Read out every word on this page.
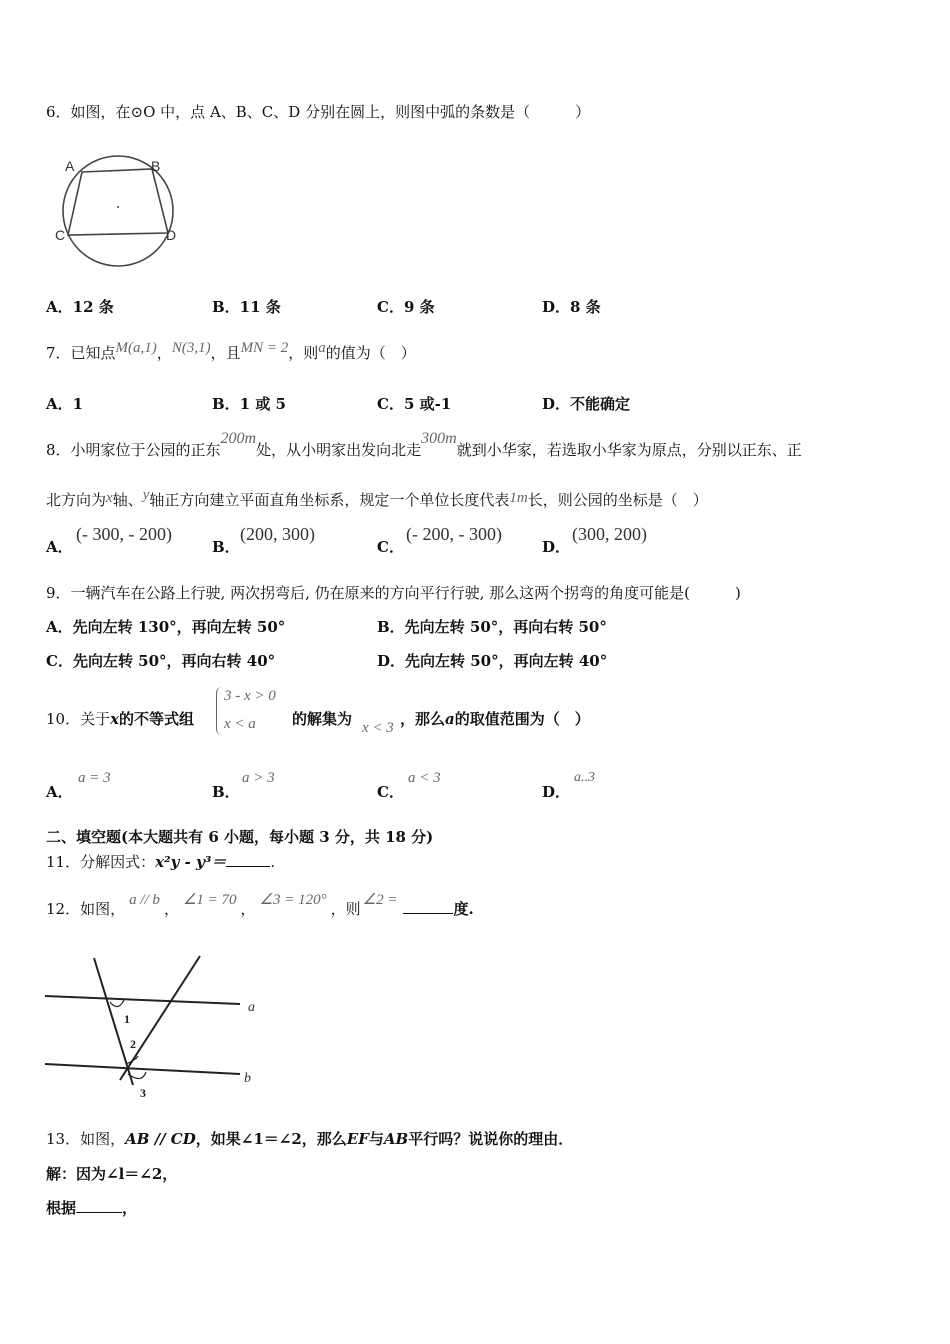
6．如图，在⊙O 中，点 A、B、C、D 分别在圆上，则图中弧的条数是（　　　）
A	B
C	D
A．12 条	B．11 条	C．9 条	D．8 条
7．已知点M(a,1)，N(3,1)，且MN = 2，则a的值为（　）
A．1	B．1 或 5	C．5 或-1	D．不能确定
8．小明家位于公园的正东200m处，从小明家出发向北走300m就到小华家，若选取小华家为原点，分别以正东、正
北方向为x轴、y轴正方向建立平面直角坐标系，规定一个单位长度代表1m长，则公园的坐标是（　）
A．
(- 300, - 200)
B．
(200, 300)
C．
(- 200, - 300)
D．
(300, 200)
9．一辆汽车在公路上行驶, 两次拐弯后, 仍在原来的方向平行行驶, 那么这两个拐弯的角度可能是(　　　)
A．先向左转 130°，再向左转 50°	B．先向左转 50°，再向右转 50°
C．先向左转 50°，再向右转 40°	D．先向左转 50°，再向左转 40°
10．关于x的不等式组
3 - x > 0
x < a 的解集为 x < 3 ，那么a的取值范围为（　）
A．
a = 3
B．
a > 3
C．
a < 3
D．
a..3
二、填空题(本大题共有 6 小题，每小题 3 分，共 18 分)
11．分解因式：x²y - y³＝	.
12．如图， a // b ， ∠1 = 70 ， ∠3 = 120° ，则 ∠2 =	度.
a
b
1
2
3
13．如图，AB // CD，如果∠1＝∠2，那么EF与AB平行吗？说说你的理由．
解：因为∠l＝∠2，
根据	，
